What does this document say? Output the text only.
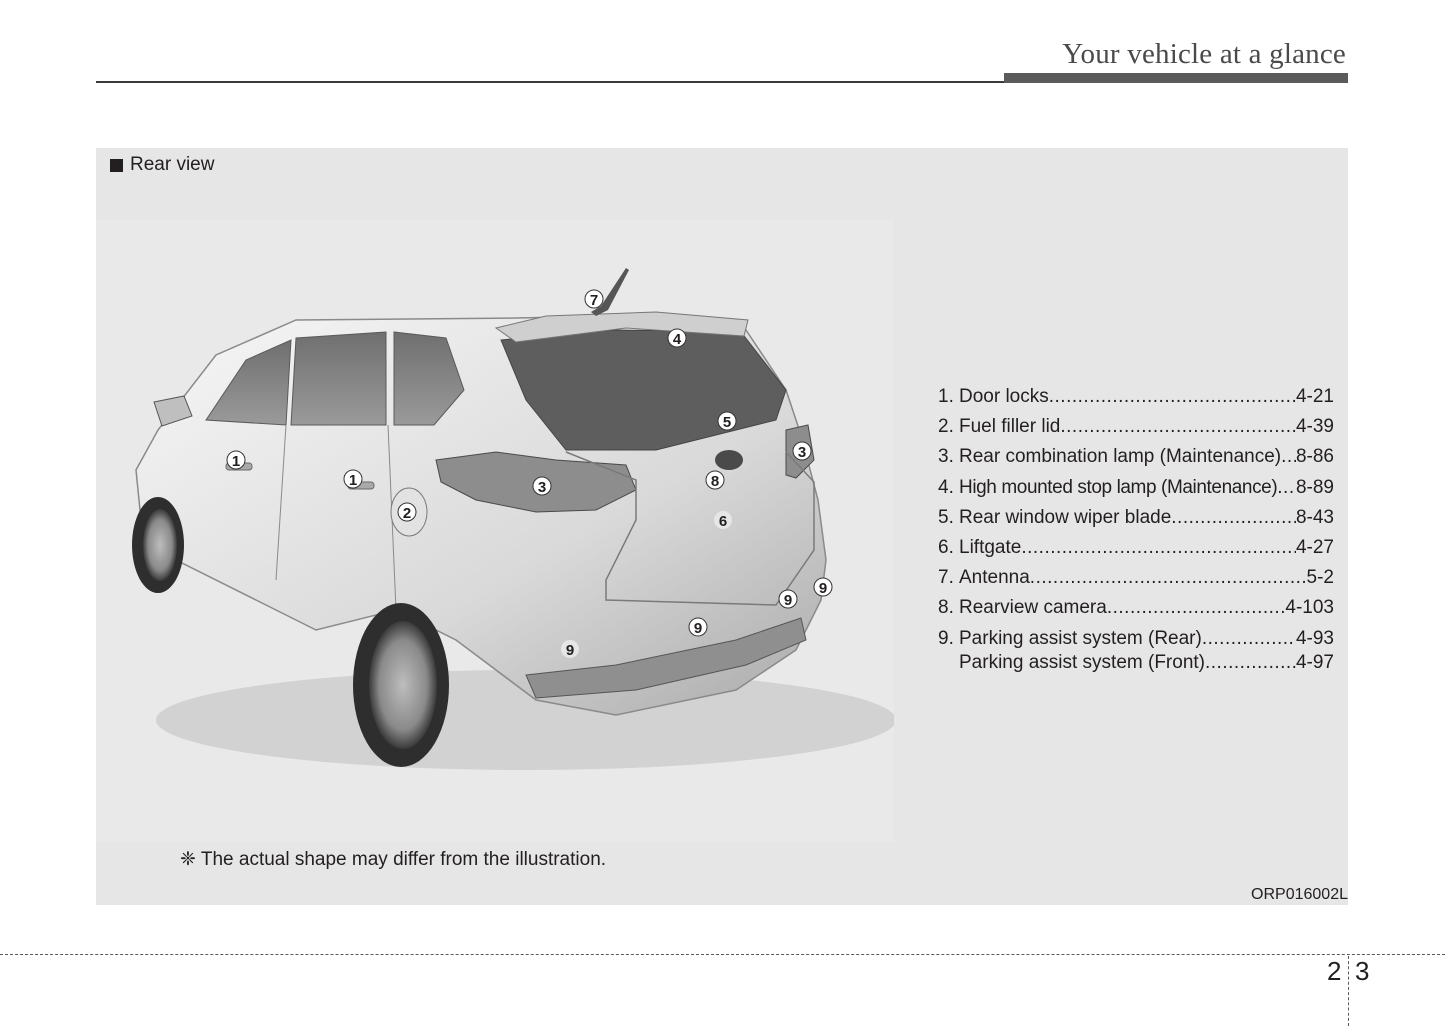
Your vehicle at a glance
Rear view
7
4
5
3
8
6
1
1
2
3
9
9
9
9
1. Door locks .....	4-21
2. Fuel filler lid .....	4-39
3. Rear combination lamp (Maintenance) ..... 8-86
4. High mounted stop lamp (Maintenance) ..... 8-89
5. Rear window wiper blade .....	8-43
6. Liftgate .....	4-27
7. Antenna .....	5-2
8. Rearview camera .....	4-103
9. Parking assist system (Rear) .....	4-93
Parking assist system (Front) .....	4-97
❈ The actual shape may differ from the illustration.
ORP016002L
2 3
